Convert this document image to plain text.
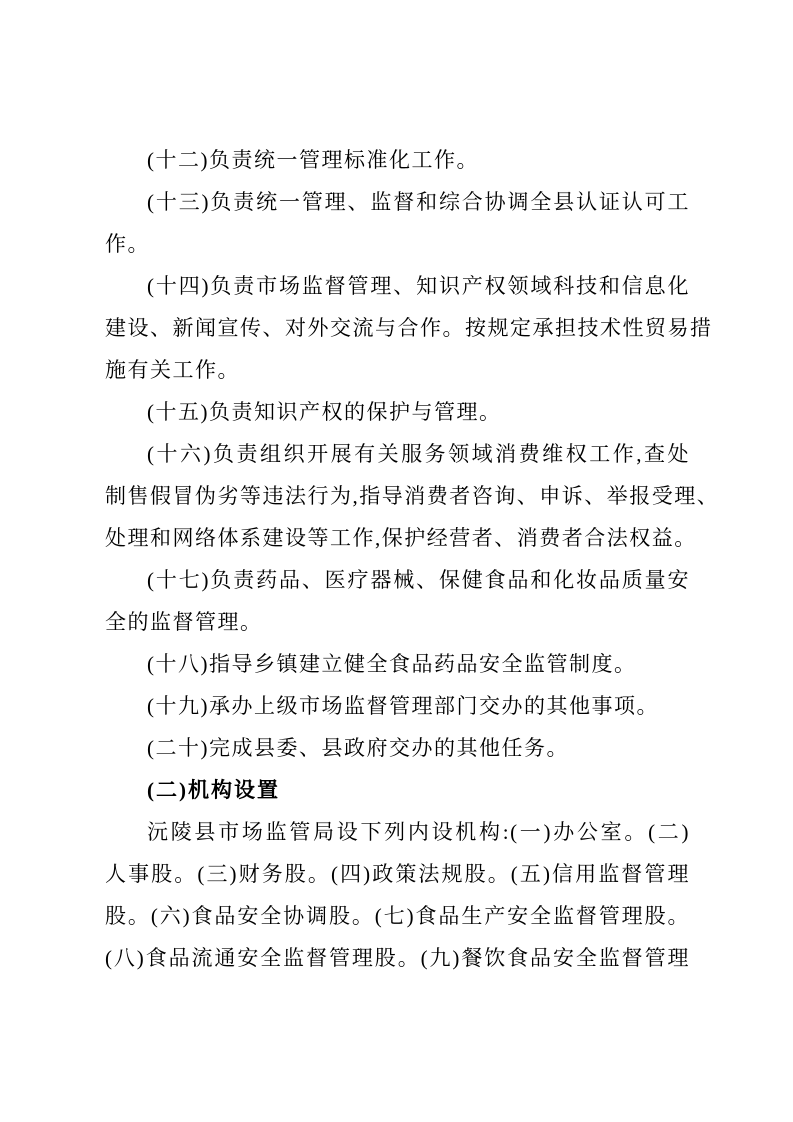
(十二)负责统一管理标准化工作。

(十三)负责统一管理、监督和综合协调全县认证认可工

作。

(十四)负责市场监督管理、知识产权领域科技和信息化

建设、新闻宣传、对外交流与合作。按规定承担技术性贸易措

施有关工作。

(十五)负责知识产权的保护与管理。

(十六)负责组织开展有关服务领域消费维权工作,查处

制售假冒伪劣等违法行为,指导消费者咨询、申诉、举报受理、

处理和网络体系建设等工作,保护经营者、消费者合法权益。

(十七)负责药品、医疗器械、保健食品和化妆品质量安

全的监督管理。

(十八)指导乡镇建立健全食品药品安全监管制度。

(十九)承办上级市场监督管理部门交办的其他事项。

(二十)完成县委、县政府交办的其他任务。

(二)机构设置

沅陵县市场监管局设下列内设机构:(一)办公室。(二)

人事股。(三)财务股。(四)政策法规股。(五)信用监督管理

股。(六)食品安全协调股。(七)食品生产安全监督管理股。

(八)食品流通安全监督管理股。(九)餐饮食品安全监督管理
